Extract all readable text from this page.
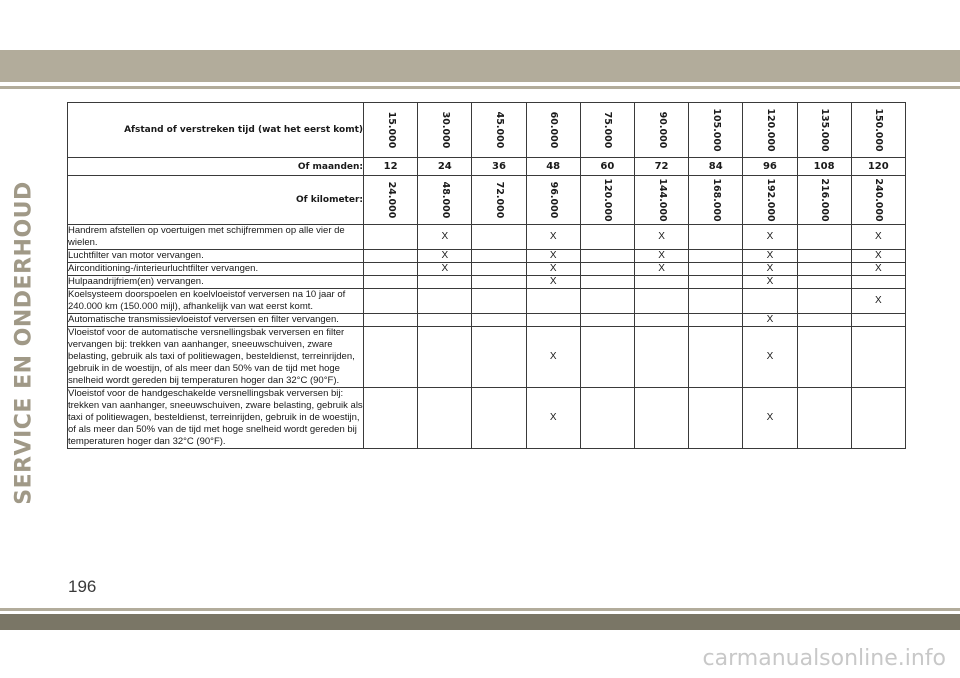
SERVICE EN ONDERHOUD
Afstand of verstreken tijd (wat het eerst komt)	15.000	30.000	45.000	60.000	75.000	90.000	105.000	120.000	135.000	150.000

Of maanden:	12	24	36	48	60	72	84	96	108	120
Of kilometer:	24.000	48.000	72.000	96.000	120.000	144.000	168.000	192.000	216.000	240.000

Handrem afstellen op voertuigen met schijfremmen op alle vier de wielen.		X		X		X		X		X
Luchtfilter van motor vervangen.		X		X		X		X		X
Airconditioning-/interieurluchtfilter vervangen.		X		X		X		X		X
Hulpaandrijfriem(en) vervangen.				X				X		
Koelsysteem doorspoelen en koelvloeistof verversen na 10 jaar of 240.000 km (150.000 mijl), afhankelijk van wat eerst komt.										X
Automatische transmissievloeistof verversen en filter vervangen.								X		
Vloeistof voor de automatische versnellingsbak verversen en filter vervangen bij: trekken van aanhanger, sneeuwschuiven, zware belasting, gebruik als taxi of politiewagen, besteldienst, terreinrijden, gebruik in de woestijn, of als meer dan 50% van de tijd met hoge snelheid wordt gereden bij temperaturen hoger dan 32°C (90°F).				X				X		
Vloeistof voor de handgeschakelde versnellingsbak verversen bij: trekken van aanhanger, sneeuwschuiven, zware belasting, gebruik als taxi of politiewagen, besteldienst, terreinrijden, gebruik in de woestijn, of als meer dan 50% van de tijd met hoge snelheid wordt gereden bij temperaturen hoger dan 32°C (90°F).				X				X		
196
carmanualsonline.info
